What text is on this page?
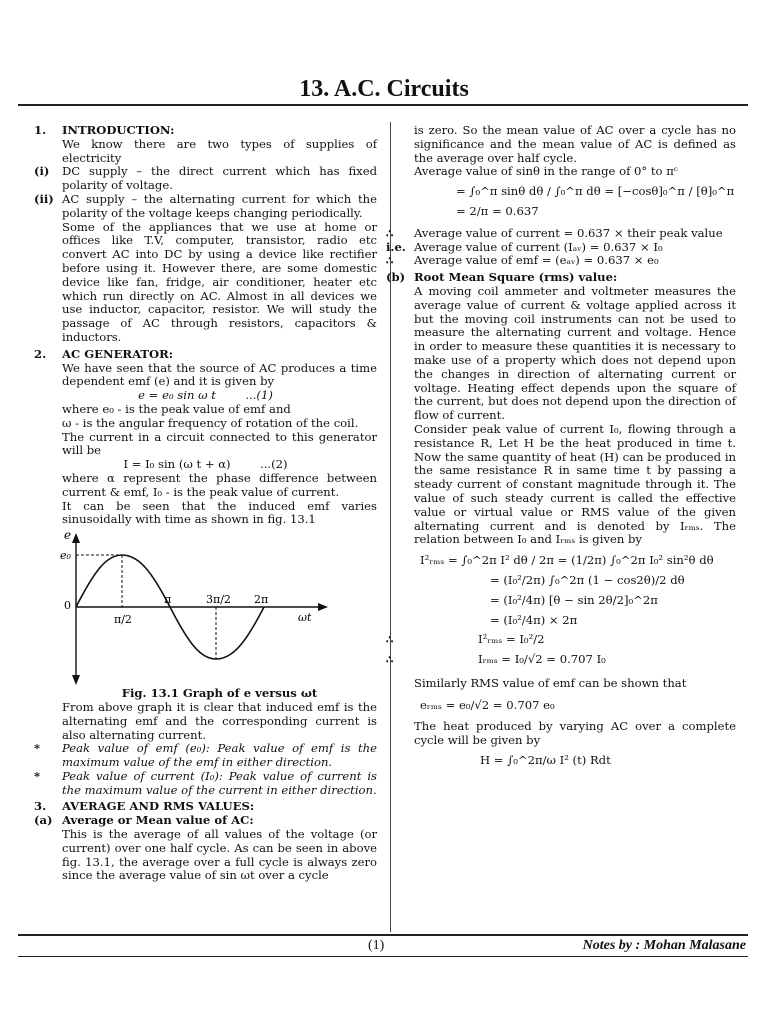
13. A.C. Circuits
1.	INTRODUCTION:

We know there are two types of supplies of electricity

(i)	DC supply – the direct current which has fixed polarity of voltage.
(ii) AC supply – the alternating current for which the polarity of the voltage keeps changing periodically.

Some of the appliances that we use at home or offices like T.V, computer, transistor, radio etc convert AC into DC by using a device like rectifier before using it. However there, are some domestic device like fan, fridge, air conditioner, heater etc which run directly on AC. Almost in all devices we use inductor, capacitor, resistor. We will study the passage of AC through resistors, capacitors & inductors.

2.	AC GENERATOR:

We have seen that the source of AC produces a time dependent emf (e) and it is given by

e = e₀ sin ω t        ...(1)

where e₀ - is the peak value of emf and

ω - is the angular frequency of rotation of the coil.

The current in a circuit connected to this generator will be

I = I₀ sin (ω t + α)        ...(2)

where α represent the phase difference between current & emf, I₀ - is the peak value of current.

It can be seen that the induced emf varies sinusoidally with time as shown in fig. 13.1

e
e₀
0
π/2
π	3π/2 2π
ωt

Fig. 13.1 Graph of e versus ωt

From above graph it is clear that induced emf is the alternating emf and the corresponding current is also alternating current.

*	Peak value of emf (e₀): Peak value of emf is the maximum value of the emf in either direction.
*	Peak value of current (I₀): Peak value of current is the maximum value of the current in either direction.
3.	AVERAGE AND RMS VALUES:
(a) Average or Mean value of AC:

This is the average of all values of the voltage (or current) over one half cycle. As can be seen in above fig. 13.1, the average over a full cycle is always zero since the average value of sin ωt over a cycle

is zero. So the mean value of AC over a cycle has no significance and the mean value of AC is defined as the average over half cycle.

Average value of sinθ in the range of 0° to πᶜ

= ∫₀^π sinθ dθ / ∫₀^π dθ = [−cosθ]₀^π / [θ]₀^π

= 2/π = 0.637

∴	Average value of current = 0.637 × their peak value
i.e. Average value of current (Iₐᵥ) = 0.637 × I₀
∴	Average value of emf = (eₐᵥ) = 0.637 × e₀
(b) Root Mean Square (rms) value:

A moving coil ammeter and voltmeter measures the average value of current & voltage applied across it but the moving coil instruments can not be used to measure the alternating current and voltage. Hence in order to measure these quantities it is necessary to make use of a property which does not depend upon the changes in direction of alternating current or voltage. Heating effect depends upon the square of the current, but does not depend upon the direction of flow of current.

Consider peak value of current I₀, flowing through a resistance R, Let H be the heat produced in time t. Now the same quantity of heat (H) can be produced in the same resistance R in same time t by passing a steady current of constant magnitude through it. The value of such steady current is called the effective value or virtual value or RMS value of the given alternating current and is denoted by Iᵣₘₛ. The relation between I₀ and Iᵣₘₛ is given by

I²ᵣₘₛ = ∫₀^2π I² dθ / 2π = (1/2π) ∫₀^2π I₀² sin²θ dθ

= (I₀²/2π) ∫₀^2π (1 − cos2θ)/2 dθ

= (I₀²/4π) [θ − sin 2θ/2]₀^2π

= (I₀²/4π) × 2π

∴	I²ᵣₘₛ = I₀²/2
∴	Iᵣₘₛ = I₀/√2 = 0.707 I₀

Similarly RMS value of emf can be shown that

eᵣₘₛ = e₀/√2 = 0.707 e₀

The heat produced by varying AC over a complete cycle will be given by

H = ∫₀^2π/ω I² (t) Rdt

(1)	Notes by : Mohan Malasane
